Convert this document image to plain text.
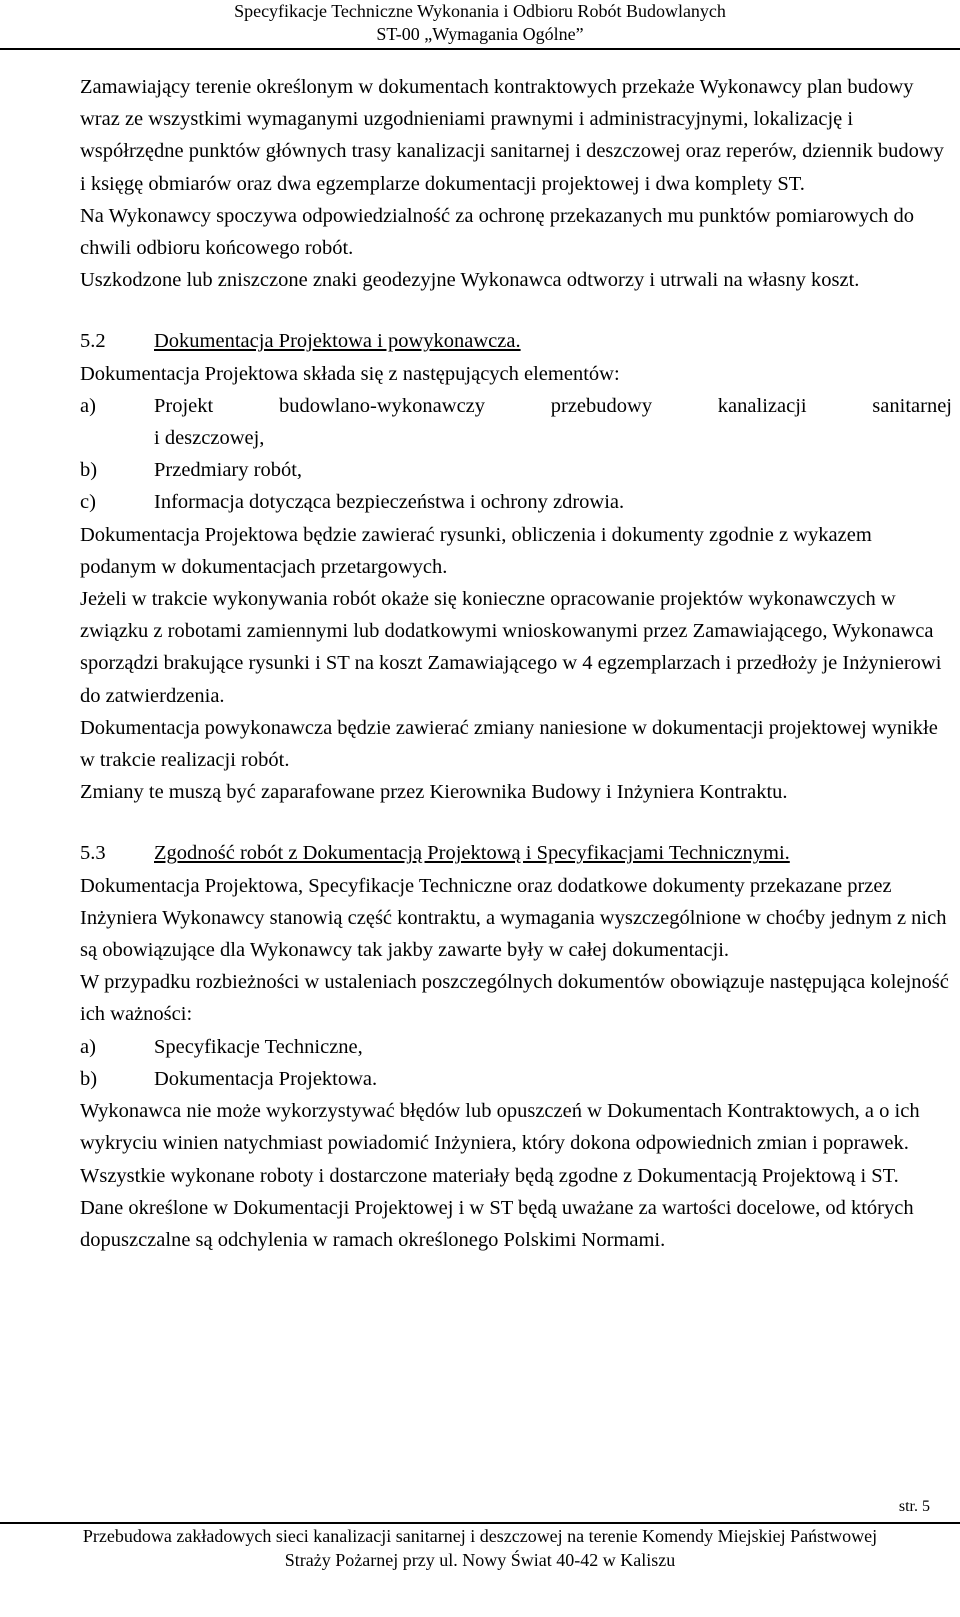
Specyfikacje Techniczne Wykonania i Odbioru Robót Budowlanych
ST-00 „Wymagania Ogólne”

Zamawiający terenie określonym w dokumentach kontraktowych przekaże Wykonawcy plan budowy wraz ze wszystkimi wymaganymi uzgodnieniami prawnymi i administracyjnymi, lokalizację i współrzędne punktów głównych trasy kanalizacji sanitarnej i deszczowej oraz reperów, dziennik budowy i księgę obmiarów oraz dwa egzemplarze dokumentacji projektowej i dwa komplety ST.

Na Wykonawcy spoczywa odpowiedzialność za ochronę przekazanych mu punktów pomiarowych do chwili odbioru końcowego robót.

Uszkodzone lub zniszczone znaki geodezyjne Wykonawca odtworzy i utrwali na własny koszt.

5.2	Dokumentacja Projektowa i powykonawcza.

Dokumentacja Projektowa składa się z następujących elementów:

a)	Projekt budowlano-wykonawczy przebudowy kanalizacji sanitarnej

i deszczowej,

b)	Przedmiary robót,
c)	Informacja dotycząca bezpieczeństwa i ochrony zdrowia.

Dokumentacja Projektowa będzie zawierać rysunki, obliczenia i dokumenty zgodnie z wykazem podanym w dokumentacjach przetargowych.

Jeżeli w trakcie wykonywania robót okaże się konieczne opracowanie projektów wykonawczych w związku z robotami zamiennymi lub dodatkowymi wnioskowanymi przez Zamawiającego, Wykonawca sporządzi brakujące rysunki i ST na koszt Zamawiającego w 4 egzemplarzach i przedłoży je Inżynierowi do zatwierdzenia.

Dokumentacja powykonawcza będzie zawierać zmiany naniesione w dokumentacji projektowej wynikłe w trakcie realizacji robót.

Zmiany te muszą być zaparafowane przez Kierownika Budowy i Inżyniera Kontraktu.

5.3	Zgodność robót z Dokumentacją Projektową i Specyfikacjami Technicznymi.

Dokumentacja Projektowa, Specyfikacje Techniczne oraz dodatkowe dokumenty przekazane przez Inżyniera Wykonawcy stanowią część kontraktu, a wymagania wyszczególnione w choćby jednym z nich są obowiązujące dla Wykonawcy tak jakby zawarte były w całej dokumentacji.

W przypadku rozbieżności w ustaleniach poszczególnych dokumentów obowiązuje następująca kolejność ich ważności:

a)	Specyfikacje Techniczne,
b)	Dokumentacja Projektowa.

Wykonawca nie może wykorzystywać błędów lub opuszczeń w Dokumentach Kontraktowych, a o ich wykryciu winien natychmiast powiadomić Inżyniera, który dokona odpowiednich zmian i poprawek.

Wszystkie wykonane roboty i dostarczone materiały będą zgodne z Dokumentacją Projektową i ST.

Dane określone w Dokumentacji Projektowej i w ST będą uważane za wartości docelowe, od których dopuszczalne są odchylenia w ramach określonego Polskimi Normami.

str. 5
Przebudowa zakładowych sieci kanalizacji sanitarnej i deszczowej na terenie Komendy Miejskiej Państwowej
Straży Pożarnej przy ul. Nowy Świat 40-42 w Kaliszu
